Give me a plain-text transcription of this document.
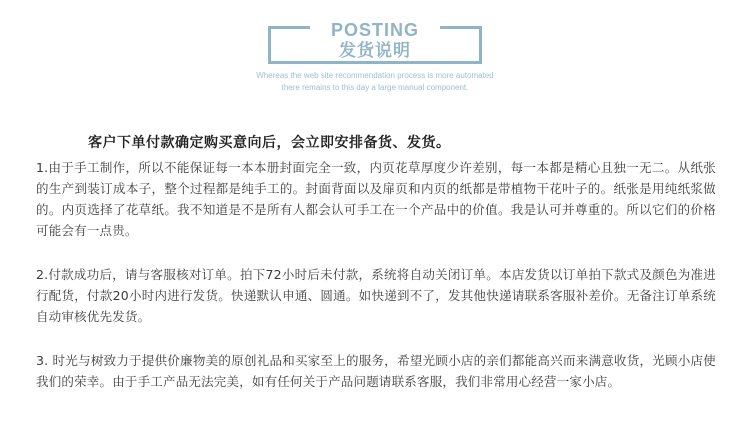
POSTING
发货说明
Whereas the web site recommendation process is more automated
there remains to this day a large manual component.
客户下单付款确定购买意向后，会立即安排备货、发货。
1.由于手工制作，所以不能保证每一本本册封面完全一致，内页花草厚度少许差别，每一本都是精心且独一无二。从纸张的生产到装订成本子，整个过程都是纯手工的。封面背面以及扉页和内页的纸都是带植物干花叶子的。纸张是用纯纸浆做的。内页选择了花草纸。我不知道是不是所有人都会认可手工在一个产品中的价值。我是认可并尊重的。所以它们的价格可能会有一点贵。
2.付款成功后，请与客服核对订单。拍下72小时后未付款，系统将自动关闭订单。本店发货以订单拍下款式及颜色为准进行配货，付款20小时内进行发货。快递默认申通、圆通。如快递到不了，发其他快递请联系客服补差价。无备注订单系统自动审核优先发货。
3. 时光与树致力于提供价廉物美的原创礼品和买家至上的服务，希望光顾小店的亲们都能高兴而来满意收货，光顾小店使我们的荣幸。由于手工产品无法完美，如有任何关于产品问题请联系客服，我们非常用心经营一家小店。
